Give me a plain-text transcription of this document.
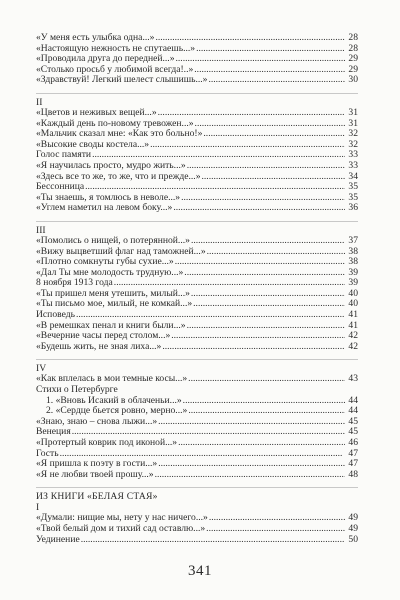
«У меня есть улыбка одна...» . . .	28
«Настоящую нежность не спутаешь...» . . .	28
«Проводила друга до передней...» . . .	29
«Столько просьб у любимой всегда!..» . . .	29
«Здравствуй! Легкий шелест слышишь...» . . .	30
II
«Цветов и неживых вещей...» . . .	31
«Каждый день по-новому тревожен...» . . .	31
«Мальчик сказал мне: «Как это больно!» . . .	32
«Высокие своды костела...» . . .	32
Голос памяти . . .	33
«Я научилась просто, мудро жить...» . . .	33
«Здесь все то же, то же, что и прежде...» . . .	34
Бессонница . . .	35
«Ты знаешь, я томлюсь в неволе...» . . .	35
«Углем наметил на левом боку...» . . .	36
III
«Помолись о нищей, о потерянной...» . . .	37
«Вижу выцветший флаг над таможней...» . . .	38
«Плотно сомкнуты губы сухие...» . . .	38
«Дал Ты мне молодость трудную...» . . .	39
8 ноября 1913 года . . .	39
«Ты пришел меня утешить, милый...» . . .	40
«Ты письмо мое, милый, не комкай...» . . .	40
Исповедь . . .	41
«В ремешках пенал и книги были...» . . .	41
«Вечерние часы перед столом...» . . .	42
«Будешь жить, не зная лиха...» . . .	42
IV
«Как вплелась в мои темные косы...» . . .	43
Стихи о Петербурге
1. «Вновь Исакий в облаченьи...» . . .	44
2. «Сердце бьется ровно, мерно...» . . .	44
«Знаю, знаю – снова лыжи...» . . .	45
Венеция . . .	45
«Протертый коврик под иконой...» . . .	46
Гость . . .	47
«Я пришла к поэту в гости...» . . .	47
«Я не любви твоей прошу...» . . .	48
ИЗ КНИГИ «БЕЛАЯ СТАЯ»
I
«Думали: нищие мы, нету у нас ничего...» . . .	49
«Твой белый дом и тихий сад оставлю...» . . .	49
Уединение . . .	50
341
